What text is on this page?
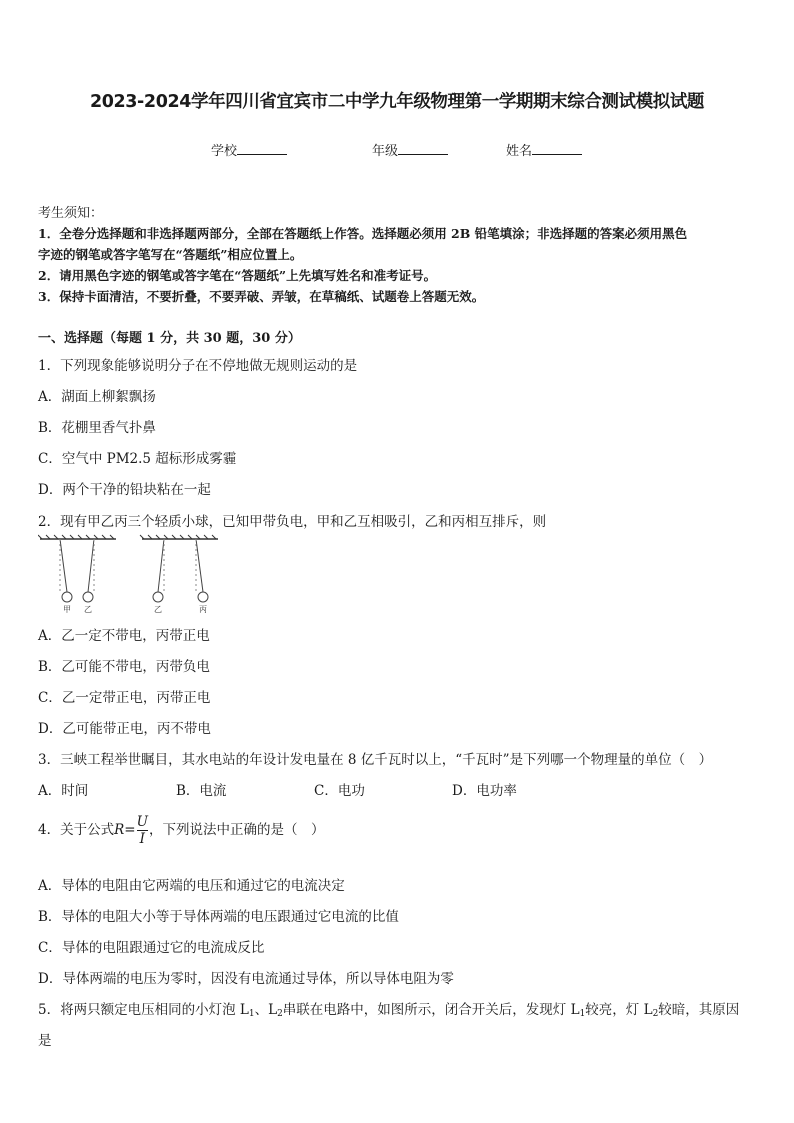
2023-2024学年四川省宜宾市二中学九年级物理第一学期期末综合测试模拟试题
学校	年级	姓名
考生须知：
1．全卷分选择题和非选择题两部分，全部在答题纸上作答。选择题必须用 2B 铅笔填涂；非选择题的答案必须用黑色
字迹的钢笔或答字笔写在“答题纸”相应位置上。
2．请用黑色字迹的钢笔或答字笔在“答题纸”上先填写姓名和准考证号。
3．保持卡面清洁，不要折叠，不要弄破、弄皱，在草稿纸、试题卷上答题无效。
一、选择题（每题 1 分，共 30 题，30 分）
1．下列现象能够说明分子在不停地做无规则运动的是
A．湖面上柳絮飘扬
B．花棚里香气扑鼻
C．空气中 PM2.5 超标形成雾霾
D．两个干净的铅块粘在一起
2．现有甲乙丙三个轻质小球，已知甲带负电，甲和乙互相吸引，乙和丙相互排斥，则
甲 乙	乙	丙
A．乙一定不带电，丙带正电
B．乙可能不带电，丙带负电
C．乙一定带正电，丙带正电
D．乙可能带正电，丙不带电
3．三峡工程举世瞩目，其水电站的年设计发电量在 8 亿千瓦时以上，“千瓦时”是下列哪一个物理量的单位（　）
A．时间	B．电流	C．电功	D．电功率
4．关于公式$R= \frac{U}{I}$ ，下列说法中正确的是（　）
A．导体的电阻由它两端的电压和通过它的电流决定
B．导体的电阻大小等于导体两端的电压跟通过它电流的比值
C．导体的电阻跟通过它的电流成反比
D．导体两端的电压为零时，因没有电流通过导体，所以导体电阻为零
5．将两只额定电压相同的小灯泡 $L_1$、$L_2$串联在电路中，如图所示，闭合开关后，发现灯 $L_1$较亮，灯 $L_2$较暗，其原因
是
